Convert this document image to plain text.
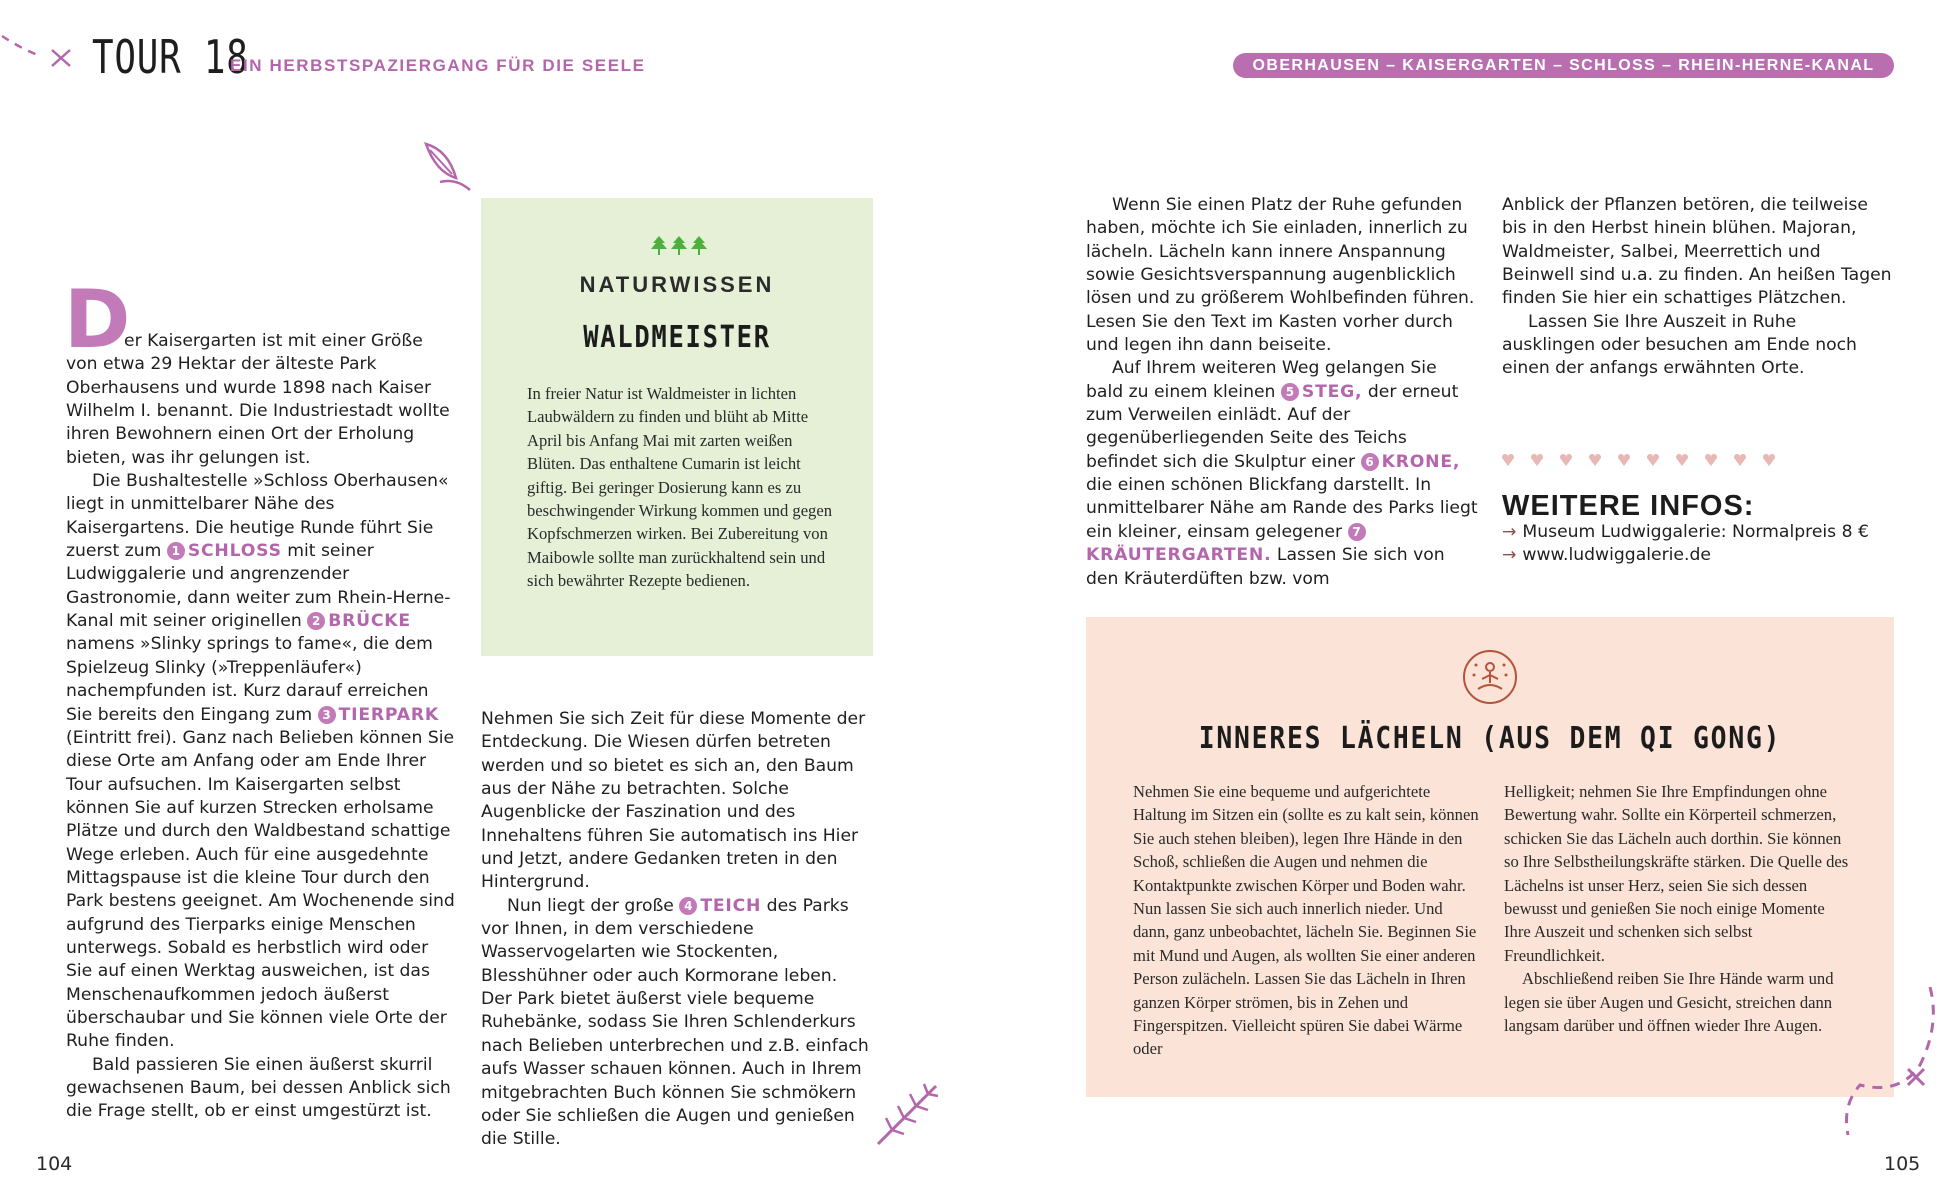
TOUR 18
EIN HERBSTSPAZIERGANG FÜR DIE SEELE	OBERHAUSEN – KAISERGARTEN – SCHLOSS – RHEIN-HERNE-KANAL
D

er Kaisergarten ist mit einer Größe von etwa 29 Hektar der älteste Park Oberhausens und wurde 1898 nach Kaiser Wilhelm I. benannt. Die Industriestadt wollte ihren Bewohnern einen Ort der Erholung bieten, was ihr gelungen ist.

Die Bushaltestelle »Schloss Oberhausen« liegt in unmittelbarer Nähe des Kaisergartens. Die heutige Runde führt Sie zuerst zum 1 SCHLOSS mit seiner Ludwiggalerie und angrenzender Gastronomie, dann weiter zum Rhein-Herne-Kanal mit seiner originellen 2 BRÜCKE namens »Slinky springs to fame«, die dem Spielzeug Slinky (»Treppenläufer«) nachempfunden ist. Kurz darauf erreichen Sie bereits den Eingang zum 3 TIERPARK (Eintritt frei). Ganz nach Belieben können Sie diese Orte am Anfang oder am Ende Ihrer Tour aufsuchen. Im Kaisergarten selbst können Sie auf kurzen Strecken erholsame Plätze und durch den Waldbestand schattige Wege erleben. Auch für eine ausgedehnte Mittagspause ist die kleine Tour durch den Park bestens geeignet. Am Wochenende sind aufgrund des Tierparks einige Menschen unterwegs. Sobald es herbstlich wird oder Sie auf einen Werktag ausweichen, ist das Menschenaufkommen jedoch äußerst überschaubar und Sie können viele Orte der Ruhe finden.

Bald passieren Sie einen äußerst skurril gewachsenen Baum, bei dessen Anblick sich die Frage stellt, ob er einst umgestürzt ist.

NATURWISSEN
WALDMEISTER
In freier Natur ist Waldmeister in lichten Laubwäldern zu finden und blüht ab Mitte April bis Anfang Mai mit zarten weißen Blüten. Das enthaltene Cumarin ist leicht giftig. Bei geringer Dosierung kann es zu beschwingender Wirkung kommen und gegen Kopfschmerzen wirken. Bei Zubereitung von Maibowle sollte man zurückhaltend sein und sich bewährter Rezepte bedienen.

Nehmen Sie sich Zeit für diese Momente der Entdeckung. Die Wiesen dürfen betreten werden und so bietet es sich an, den Baum aus der Nähe zu betrachten. Solche Augenblicke der Faszination und des Innehaltens führen Sie automatisch ins Hier und Jetzt, andere Gedanken treten in den Hintergrund.

Nun liegt der große 4 TEICH des Parks vor Ihnen, in dem verschiedene Wasservogelarten wie Stockenten, Blesshühner oder auch Kormorane leben. Der Park bietet äußerst viele bequeme Ruhebänke, sodass Sie Ihren Schlenderkurs nach Belieben unterbrechen und z.B. einfach aufs Wasser schauen können. Auch in Ihrem mitgebrachten Buch können Sie schmökern oder Sie schließen die Augen und genießen die Stille.

Wenn Sie einen Platz der Ruhe gefunden haben, möchte ich Sie einladen, innerlich zu lächeln. Lächeln kann innere Anspannung sowie Gesichtsverspannung augenblicklich lösen und zu größerem Wohlbefinden führen. Lesen Sie den Text im Kasten vorher durch und legen ihn dann beiseite.

Auf Ihrem weiteren Weg gelangen Sie bald zu einem kleinen 5 STEG, der erneut zum Verweilen einlädt. Auf der gegenüberliegenden Seite des Teichs befindet sich die Skulptur einer 6 KRONE, die einen schönen Blickfang darstellt. In unmittelbarer Nähe am Rande des Parks liegt ein kleiner, einsam gelegener 7KRÄUTERGARTEN. Lassen Sie sich von den Kräuterdüften bzw. vom

Anblick der Pflanzen betören, die teilweise bis in den Herbst hinein blühen. Majoran, Waldmeister, Salbei, Meerrettich und Beinwell sind u.a. zu finden. An heißen Tagen finden Sie hier ein schattiges Plätzchen.

Lassen Sie Ihre Auszeit in Ruhe ausklingen oder besuchen am Ende noch einen der anfangs erwähnten Orte.

WEITERE INFOS:
→ Museum Ludwiggalerie: Normalpreis 8 €
→ www.ludwiggalerie.de
INNERES LÄCHELN (AUS DEM QI GONG)

Nehmen Sie eine bequeme und aufgerichtete Haltung im Sitzen ein (sollte es zu kalt sein, können Sie auch stehen bleiben), legen Ihre Hände in den Schoß, schließen die Augen und nehmen die Kontaktpunkte zwischen Körper und Boden wahr. Nun lassen Sie sich auch innerlich nieder. Und dann, ganz unbeobachtet, lächeln Sie. Beginnen Sie mit Mund und Augen, als wollten Sie einer anderen Person zulächeln. Lassen Sie das Lächeln in Ihren ganzen Körper strömen, bis in Zehen und Fingerspitzen. Vielleicht spüren Sie dabei Wärme oder

Helligkeit; nehmen Sie Ihre Empfindungen ohne Bewertung wahr. Sollte ein Körperteil schmerzen, schicken Sie das Lächeln auch dorthin. Sie können so Ihre Selbstheilungskräfte stärken. Die Quelle des Lächelns ist unser Herz, seien Sie sich dessen bewusst und genießen Sie noch einige Momente Ihre Auszeit und schenken sich selbst Freundlichkeit.

Abschließend reiben Sie Ihre Hände warm und legen sie über Augen und Gesicht, streichen dann langsam darüber und öffnen wieder Ihre Augen.

104	105
